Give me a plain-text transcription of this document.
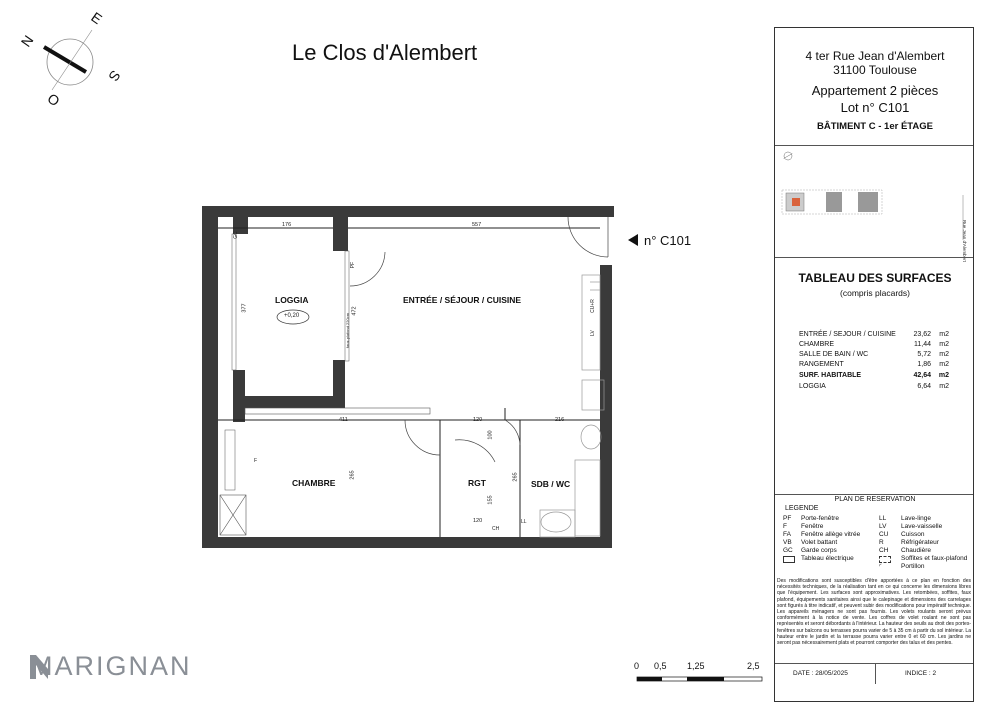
Le Clos d'Alembert
N
E
S
O
n° C101
LOGGIA
+0,20
ENTRÉE / SÉJOUR / CUISINE
CHAMBRE	RGT	SDB / WC
176	557
377	472
411	120	216
265	265
155
120
100
GC
PF
F
LV
CU+R
CH
LL
faux-plafond 220cm
0 0,5 1,25	2,5
MARIGNAN
4 ter Rue Jean d'Alembert
31100 Toulouse
Appartement 2 pièces
Lot n° C101
BÂTIMENT C - 1er ÉTAGE
Rue Jean d'Alembert
TABLEAU DES SURFACES
(compris placards)
ENTRÉE / SEJOUR / CUISINE	23,62 m2
CHAMBRE	11,44 m2
SALLE DE BAIN / WC	5,72 m2
RANGEMENT	1,86 m2
SURF. HABITABLE	42,64 m2
LOGGIA	6,64 m2
PLAN DE RESERVATION
LEGENDE
PF Porte-fenêtre
F Fenêtre
FA Fenêtre allège vitrée
VB Volet battant
GC Garde corps
Tableau électrique
LL Lave-linge
LV Lave-vaisselle
CU Cuisson
R	Réfrigérateur
CH Chaudière
Soffites et faux-plafond
◜	Portillon
DATE : 28/05/2025	INDICE : 2
Des modifications sont susceptibles d'être apportées à ce plan en fonction des nécessités techniques, de la réalisation tant en ce qui concerne les dimensions libres que l'équipement. Les surfaces sont approximatives. Les retombées, soffites, faux plafond, équipements sanitaires ainsi que le calepinage et dimensions des carrelages sont figurés à titre indicatif, et peuvent subir des modifications pour impératif technique. Les appareils ménagers ne sont pas fournis. Les volets roulants seront prévus conformément à la notice de vente. Les coffres de volet roulant ne sont pas représentés et seront débordants à l'intérieur. La hauteur des seuils au droit des portes-fenêtres sur balcons ou terrasses pourra varier de 5 à 35 cm à partir du sol intérieur. La hauteur entre le jardin et la terrasse pourra varier entre 0 et 60 cm. Les jardins ne seront pas nécessairement plats et pourront comporter des talus et des pentes.
